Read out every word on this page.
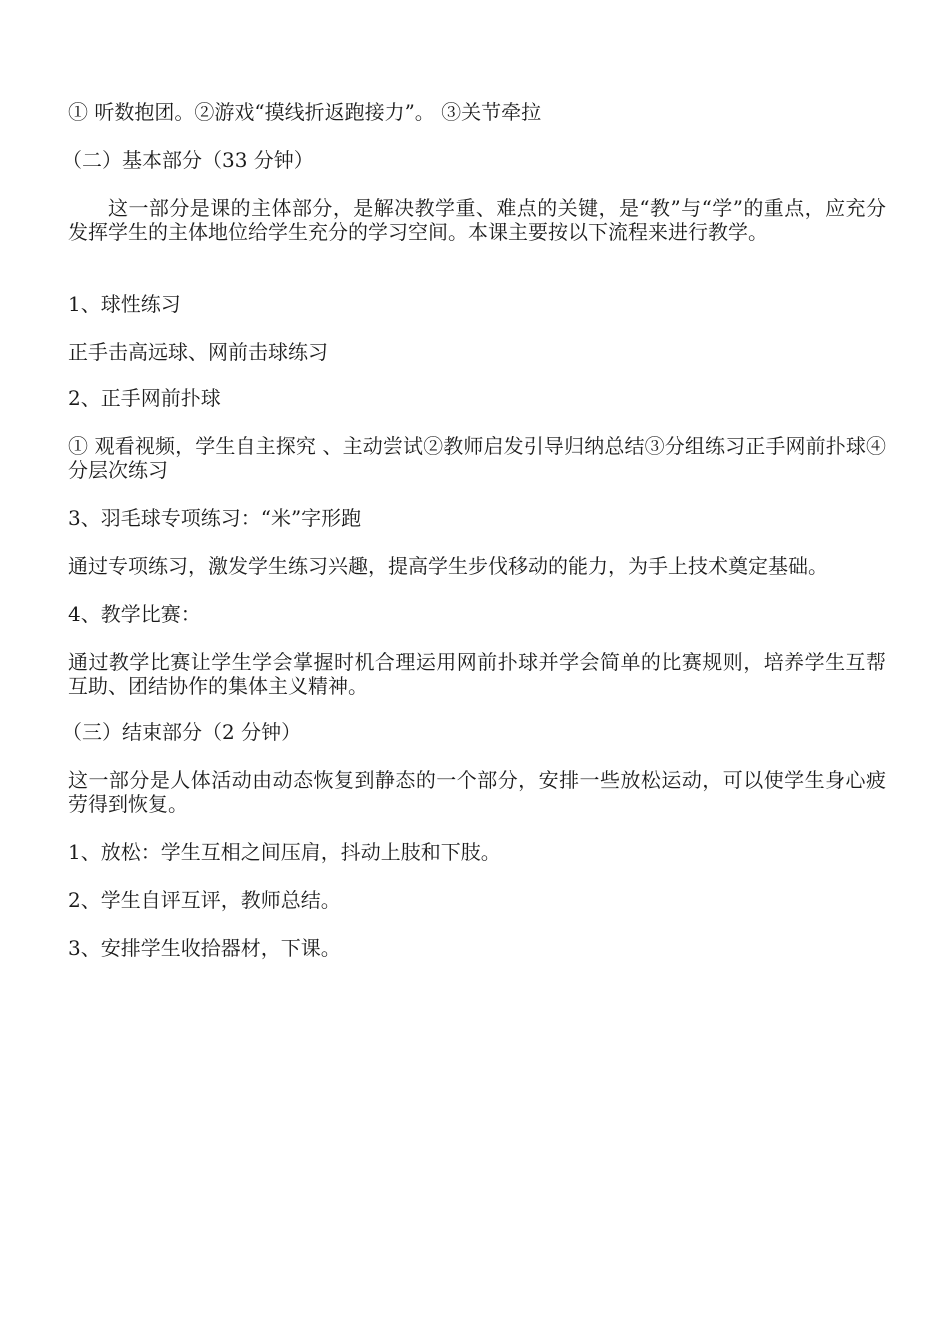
① 听数抱团。②游戏“摸线折返跑接力”。 ③关节牵拉
（二）基本部分（33 分钟）
这一部分是课的主体部分，是解决教学重、难点的关键，是“教”与“学”的重点，应充分发挥学生的主体地位给学生充分的学习空间。本课主要按以下流程来进行教学。
1、球性练习
正手击高远球、网前击球练习
2、正手网前扑球
① 观看视频，学生自主探究 、主动尝试②教师启发引导归纳总结③分组练习正手网前扑球④分层次练习
3、羽毛球专项练习：“米”字形跑
通过专项练习，激发学生练习兴趣，提高学生步伐移动的能力，为手上技术奠定基础。
4、教学比赛：
通过教学比赛让学生学会掌握时机合理运用网前扑球并学会简单的比赛规则，培养学生互帮互助、团结协作的集体主义精神。
（三）结束部分（2 分钟）
这一部分是人体活动由动态恢复到静态的一个部分，安排一些放松运动，可以使学生身心疲劳得到恢复。
1、放松：学生互相之间压肩，抖动上肢和下肢。
2、学生自评互评，教师总结。
3、安排学生收拾器材，下课。
